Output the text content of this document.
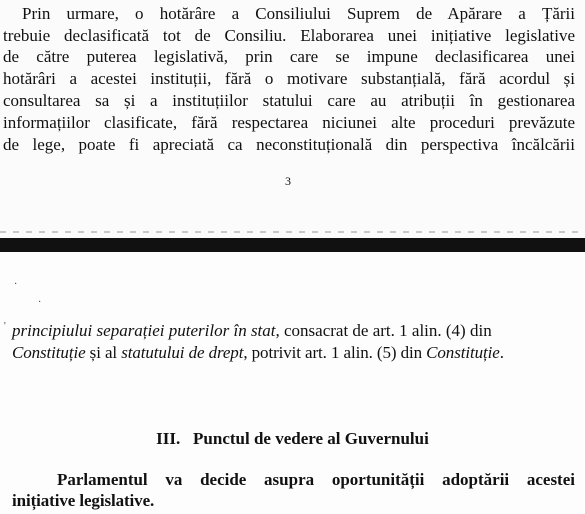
Prin urmare, o hotărâre a Consiliului Suprem de Apărare a Țării
trebuie declasificată tot de Consiliu. Elaborarea unei inițiative legislative
de către puterea legislativă, prin care se impune declasificarea unei
hotărâri a acestei instituții, fără o motivare substanțială, fără acordul și
consultarea sa și a instituțiilor statului care au atribuții în gestionarea
informațiilor clasificate, fără respectarea niciunei alte proceduri prevăzute
de lege, poate fi apreciată ca neconstituțională din perspectiva încălcării
3
·
·
' principiului separației puterilor în stat, consacrat de art. 1 alin. (4) din
Constituție și al statutului de drept, potrivit art. 1 alin. (5) din Constituție.
III.   Punctul de vedere al Guvernului
Parlamentul va decide asupra oportunității adoptării acestei
inițiative legislative.
